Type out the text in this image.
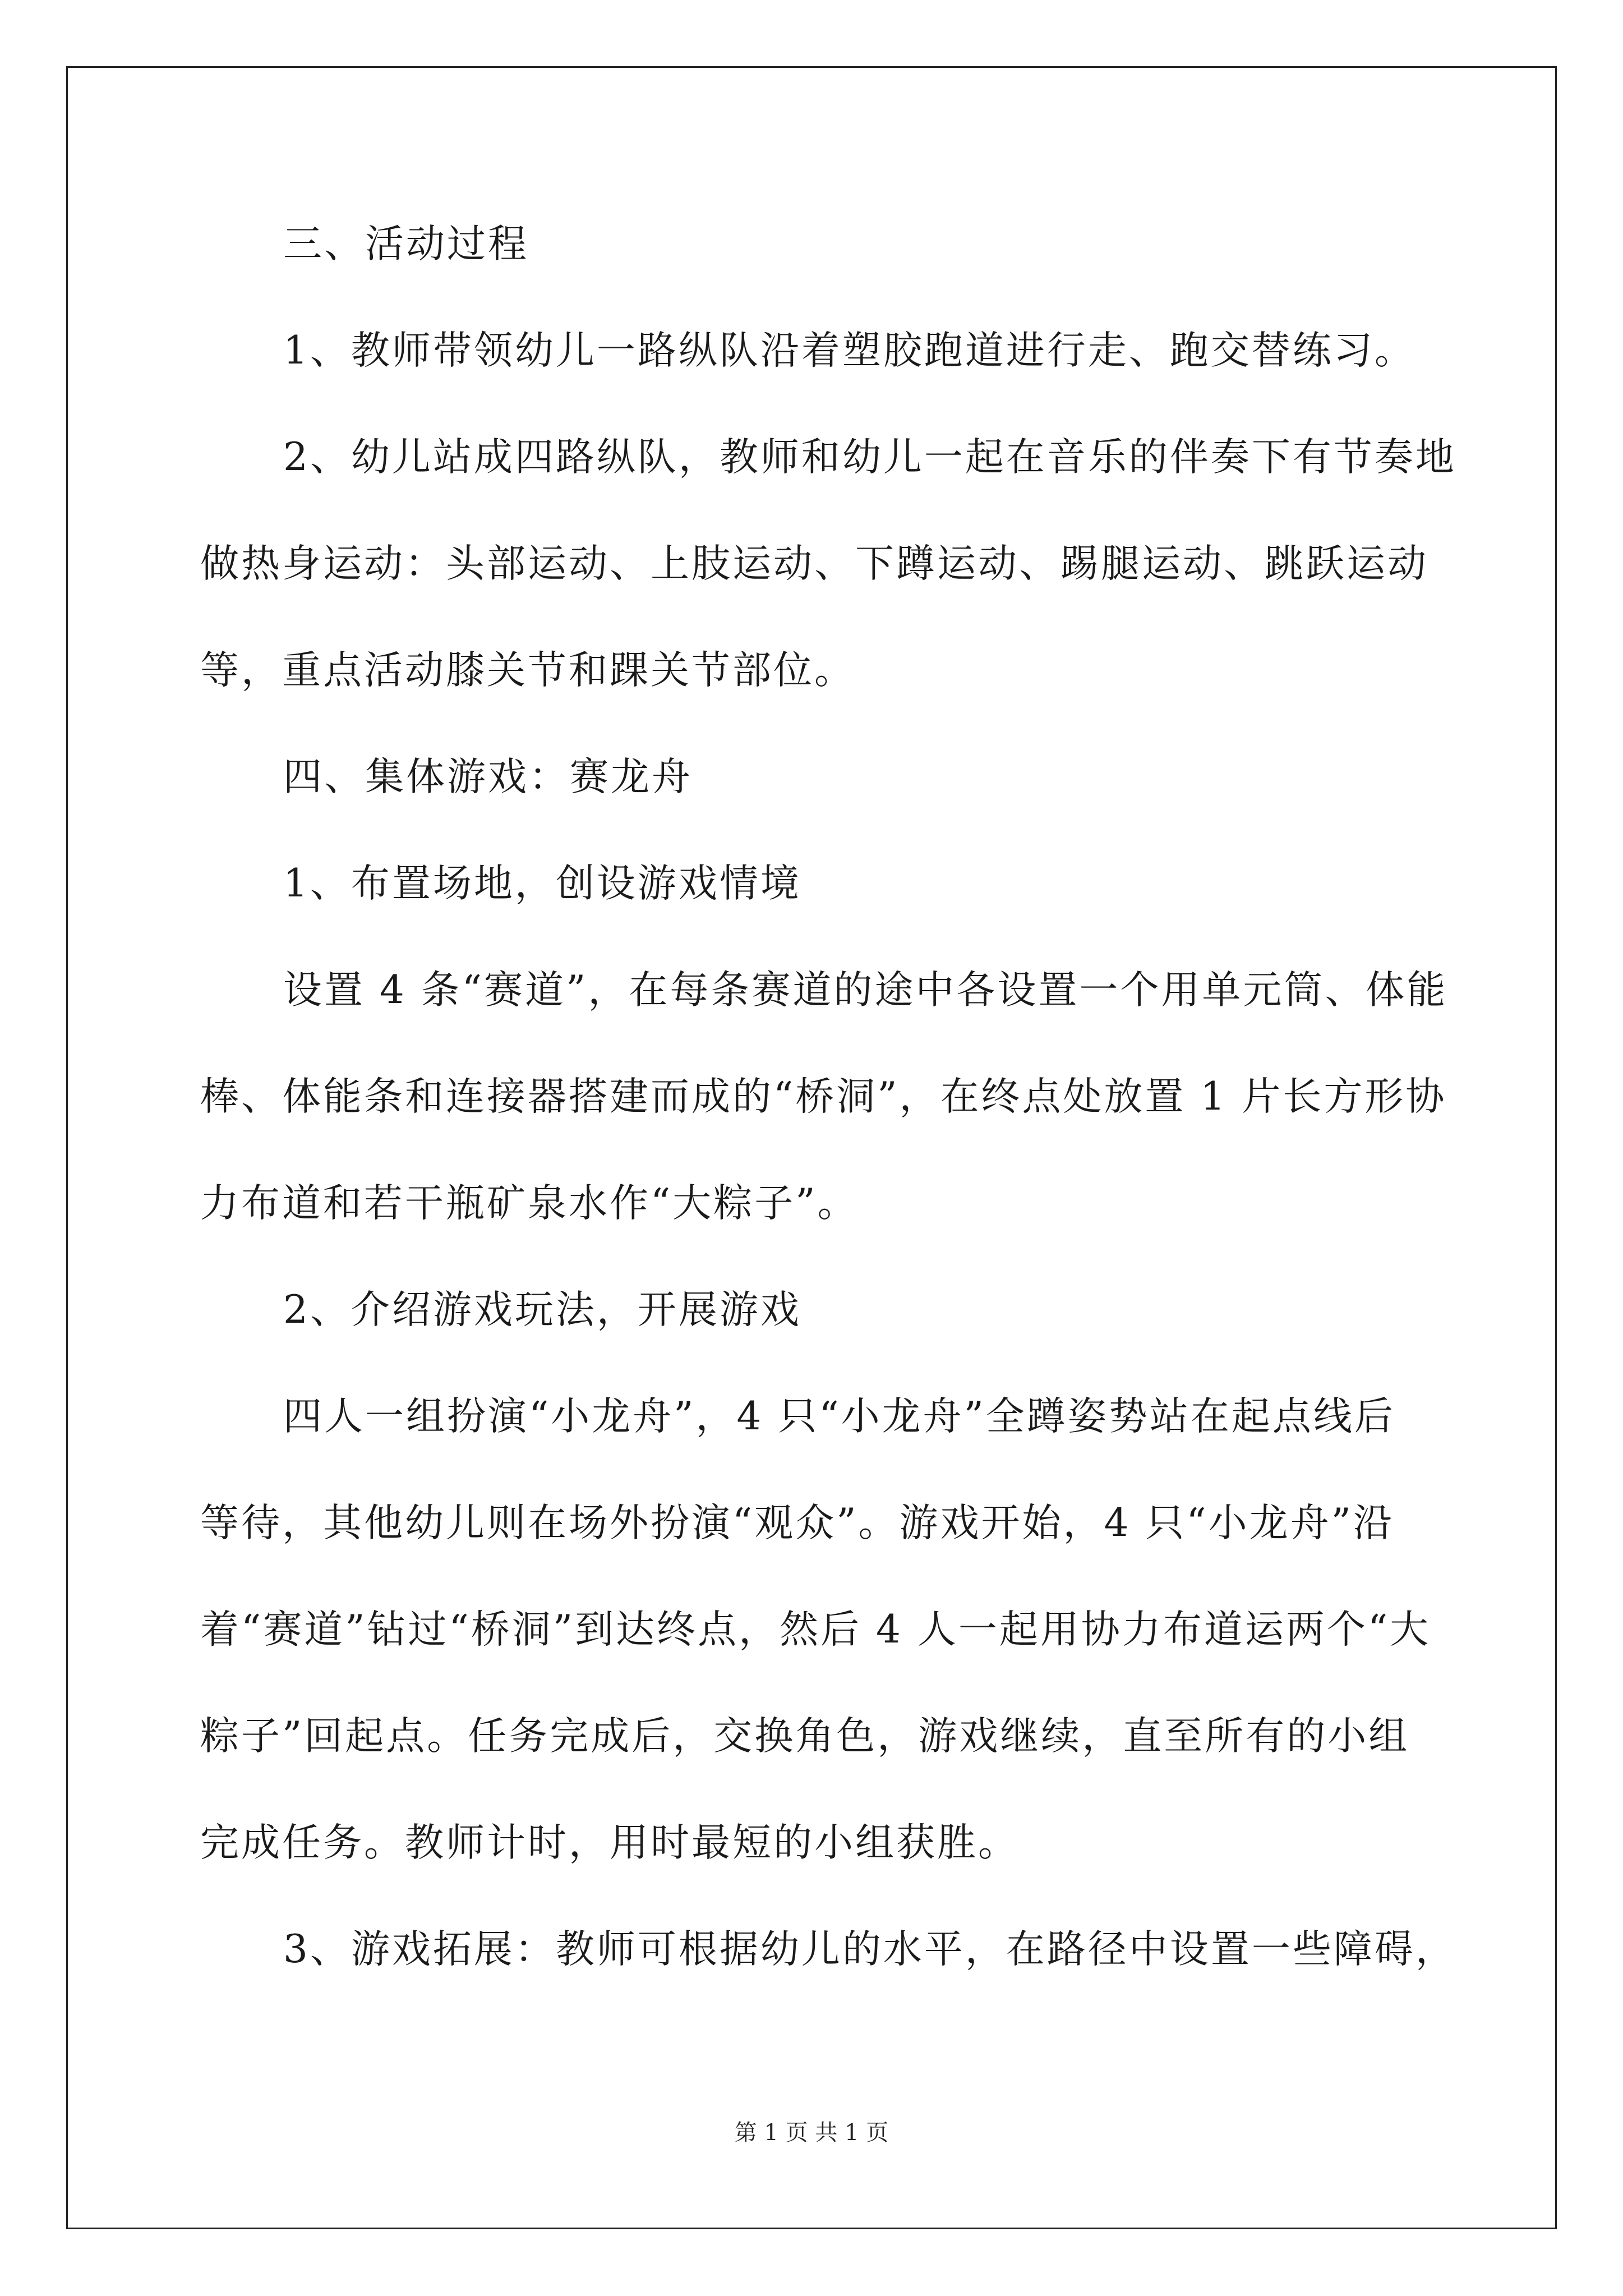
三、活动过程

1、教师带领幼儿一路纵队沿着塑胶跑道进行走、跑交替练习。

2、幼儿站成四路纵队，教师和幼儿一起在音乐的伴奏下有节奏地

做热身运动：头部运动、上肢运动、下蹲运动、踢腿运动、跳跃运动

等，重点活动膝关节和踝关节部位。

四、集体游戏：赛龙舟

1、布置场地，创设游戏情境

设置 4 条“赛道”，在每条赛道的途中各设置一个用单元筒、体能

棒、体能条和连接器搭建而成的“桥洞”，在终点处放置 1 片长方形协

力布道和若干瓶矿泉水作“大粽子”。

2、介绍游戏玩法，开展游戏

四人一组扮演“小龙舟”，4 只“小龙舟”全蹲姿势站在起点线后

等待，其他幼儿则在场外扮演“观众”。游戏开始，4 只“小龙舟”沿

着“赛道”钻过“桥洞”到达终点，然后 4 人一起用协力布道运两个“大

粽子”回起点。任务完成后，交换角色，游戏继续，直至所有的小组

完成任务。教师计时，用时最短的小组获胜。

3、游戏拓展：教师可根据幼儿的水平，在路径中设置一些障碍，

第 1 页 共 1 页
